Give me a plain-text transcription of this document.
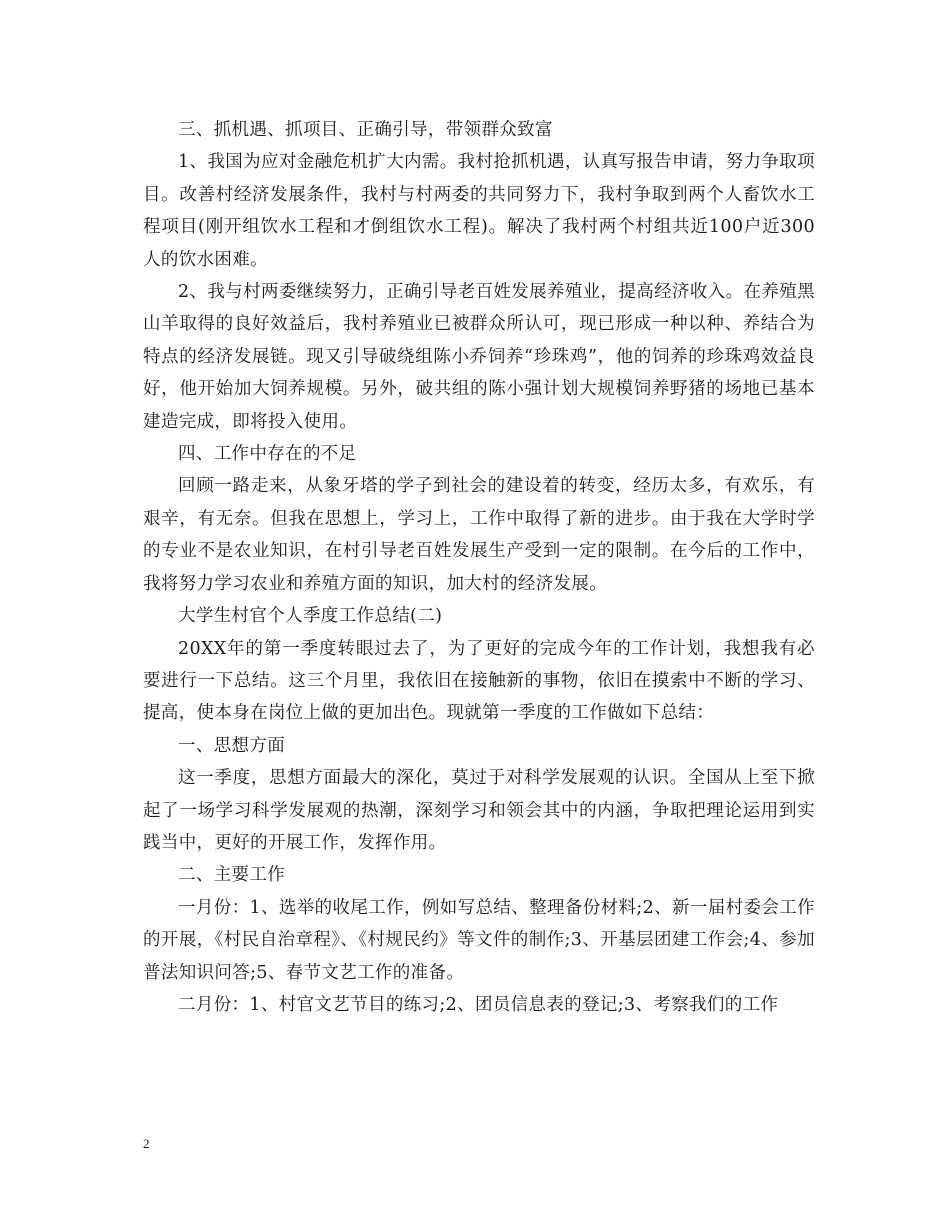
三、抓机遇、抓项目、正确引导，带领群众致富

1、我国为应对金融危机扩大内需。我村抢抓机遇，认真写报告申请，努力争取项目。改善村经济发展条件，我村与村两委的共同努力下，我村争取到两个人畜饮水工程项目(刚开组饮水工程和才倒组饮水工程)。解决了我村两个村组共近100户近300人的饮水困难。

2、我与村两委继续努力，正确引导老百姓发展养殖业，提高经济收入。在养殖黑山羊取得的良好效益后，我村养殖业已被群众所认可，现已形成一种以种、养结合为特点的经济发展链。现又引导破绕组陈小乔饲养“珍珠鸡”，他的饲养的珍珠鸡效益良好，他开始加大饲养规模。另外，破共组的陈小强计划大规模饲养野猪的场地已基本建造完成，即将投入使用。

四、工作中存在的不足

回顾一路走来，从象牙塔的学子到社会的建设着的转变，经历太多，有欢乐，有艰辛，有无奈。但我在思想上，学习上，工作中取得了新的进步。由于我在大学时学的专业不是农业知识，在村引导老百姓发展生产受到一定的限制。在今后的工作中，我将努力学习农业和养殖方面的知识，加大村的经济发展。

大学生村官个人季度工作总结(二)

20XX年的第一季度转眼过去了，为了更好的完成今年的工作计划，我想我有必要进行一下总结。这三个月里，我依旧在接触新的事物，依旧在摸索中不断的学习、提高，使本身在岗位上做的更加出色。现就第一季度的工作做如下总结：

一、思想方面

这一季度，思想方面最大的深化，莫过于对科学发展观的认识。全国从上至下掀起了一场学习科学发展观的热潮，深刻学习和领会其中的内涵，争取把理论运用到实践当中，更好的开展工作，发挥作用。

二、主要工作

一月份：1、选举的收尾工作，例如写总结、整理备份材料;2、新一届村委会工作的开展，《村民自治章程》、《村规民约》等文件的制作;3、开基层团建工作会;4、参加普法知识问答;5、春节文艺工作的准备。

二月份：1、村官文艺节目的练习;2、团员信息表的登记;3、考察我们的工作

2
